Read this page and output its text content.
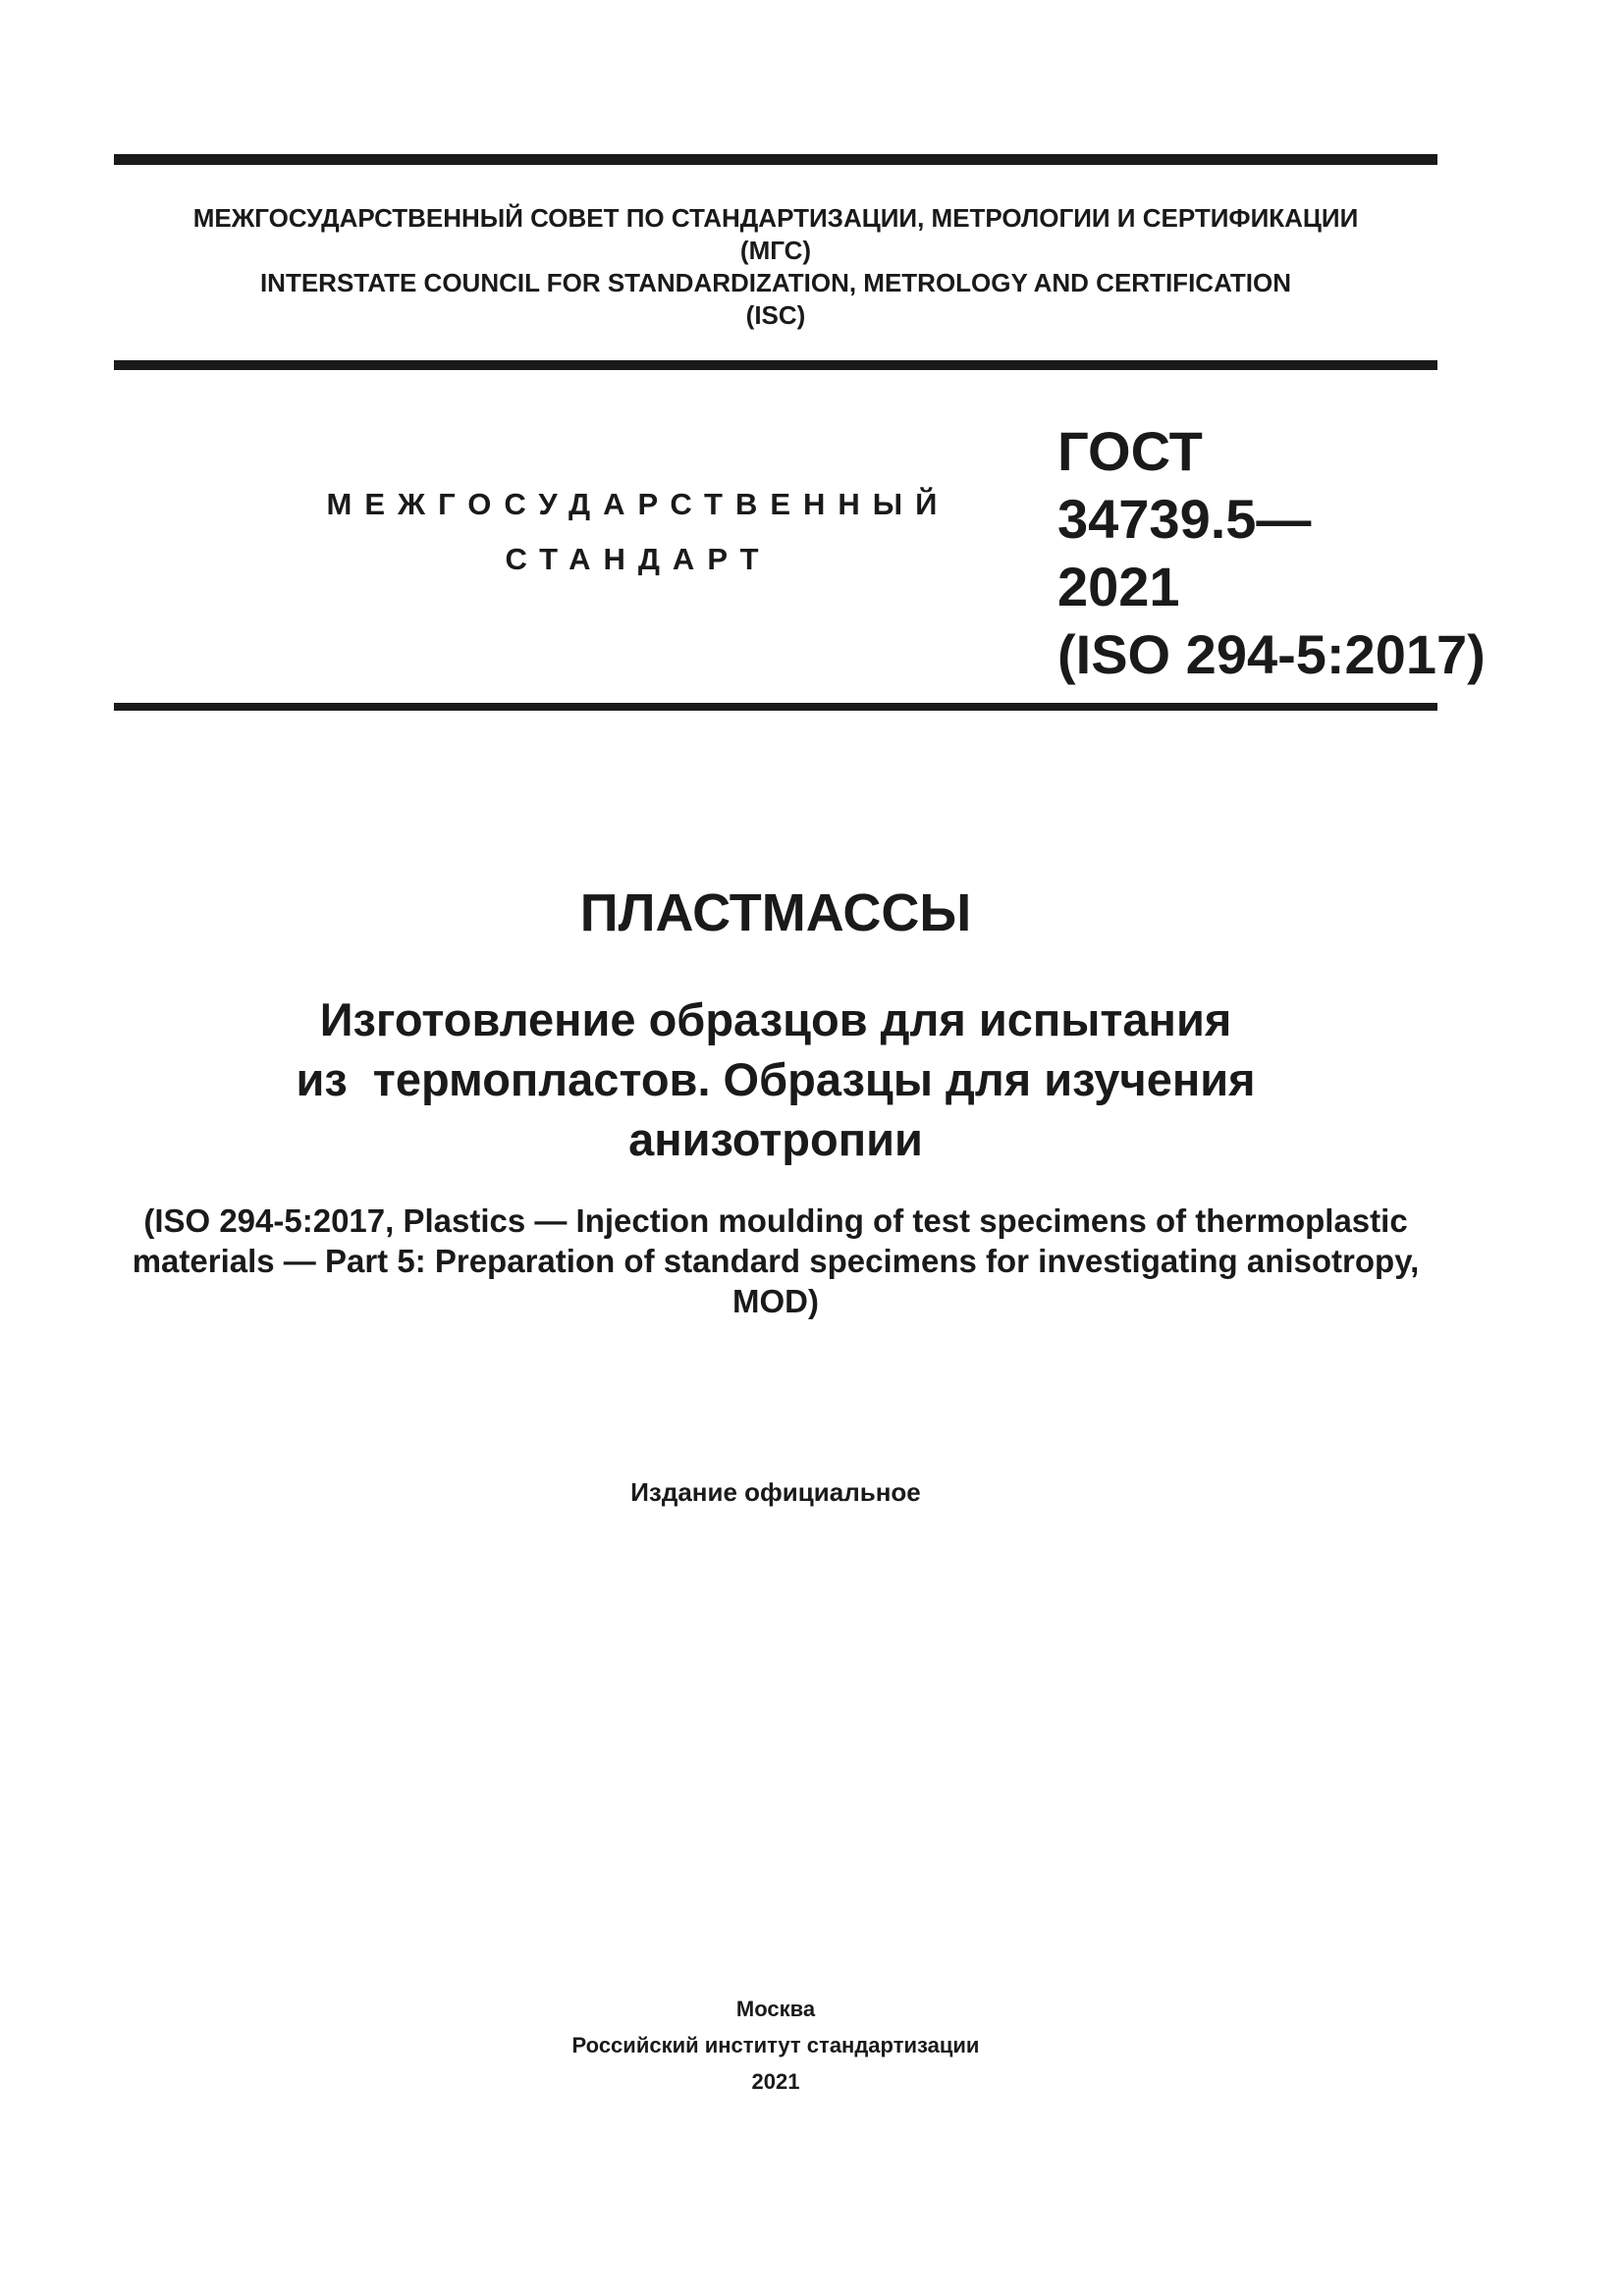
МЕЖГОСУДАРСТВЕННЫЙ СОВЕТ ПО СТАНДАРТИЗАЦИИ, МЕТРОЛОГИИ И СЕРТИФИКАЦИИ
(МГС)
INTERSTATE COUNCIL FOR STANDARDIZATION, METROLOGY AND CERTIFICATION
(ISC)
МЕЖГОСУДАРСТВЕННЫЙ
СТАНДАРТ
ГОСТ
34739.5—
2021
(ISO 294-5:2017)
ПЛАСТМАССЫ
Изготовление образцов для испытания
из  термопластов. Образцы для изучения
анизотропии
(ISO 294-5:2017, Plastics — Injection moulding of test specimens of thermoplastic
materials — Part 5: Preparation of standard specimens for investigating anisotropy,
MOD)
Издание официальное
Москва
Российский институт стандартизации
2021
